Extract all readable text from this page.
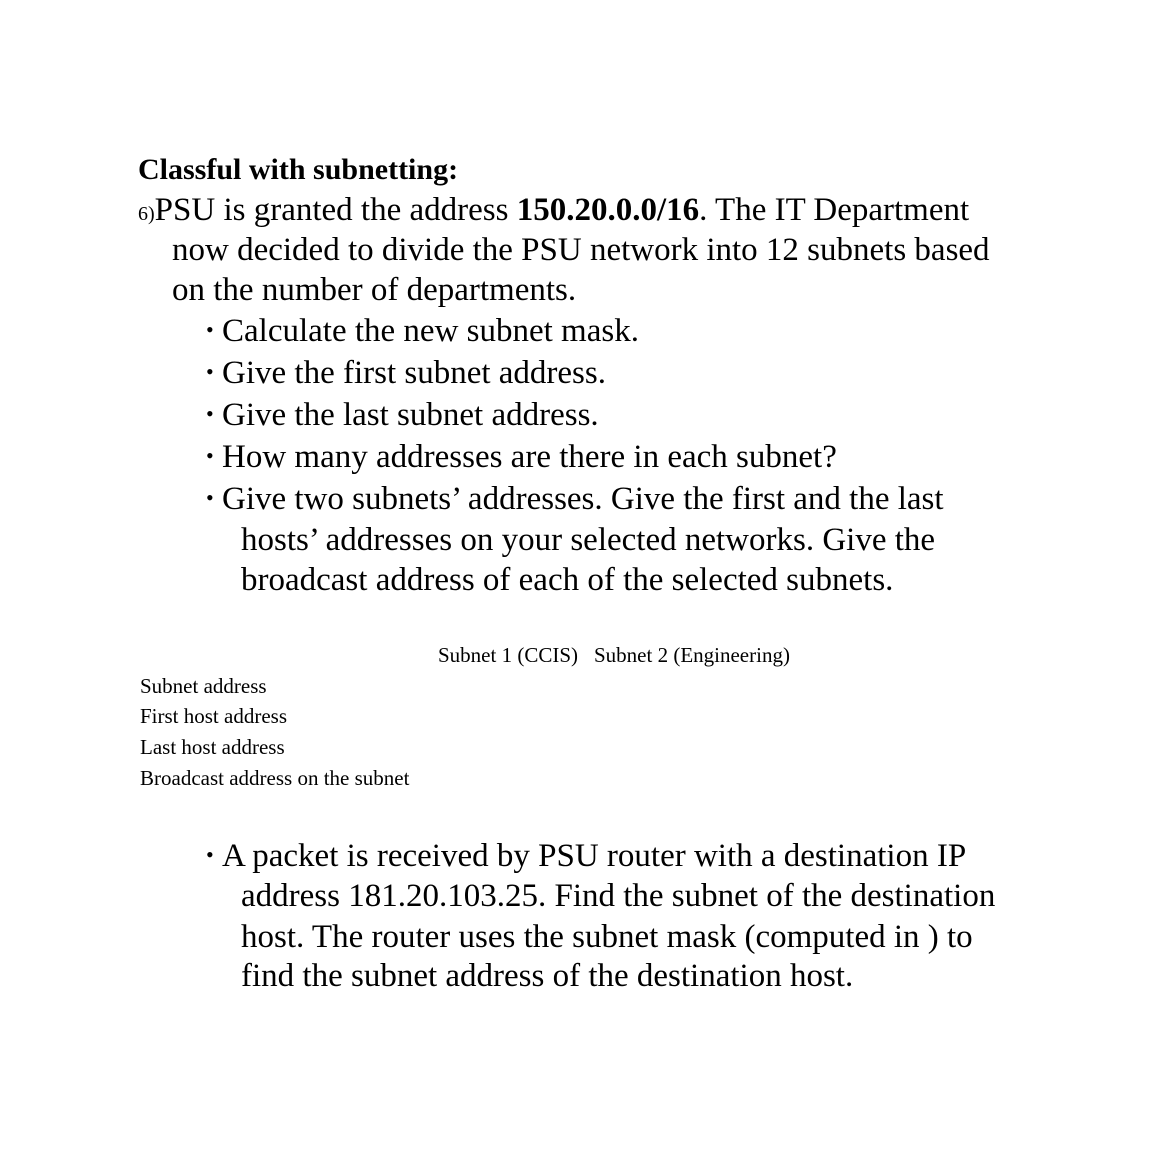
Classful with subnetting:
6)PSU is granted the address 150.20.0.0/16. The IT Department
now decided to divide the PSU network into 12 subnets based
on the number of departments.
• Calculate the new subnet mask.
• Give the first subnet address.
• Give the last subnet address.
• How many addresses are there in each subnet?
• Give two subnets’ addresses. Give the first and the last
hosts’ addresses on your selected networks. Give the
broadcast address of each of the selected subnets.
Subnet 1 (CCIS) Subnet 2 (Engineering)
Subnet address
First host address
Last host address
Broadcast address on the subnet
• A packet is received by PSU router with a destination IP
address 181.20.103.25. Find the subnet of the destination
host. The router uses the subnet mask (computed in ) to
find the subnet address of the destination host.
